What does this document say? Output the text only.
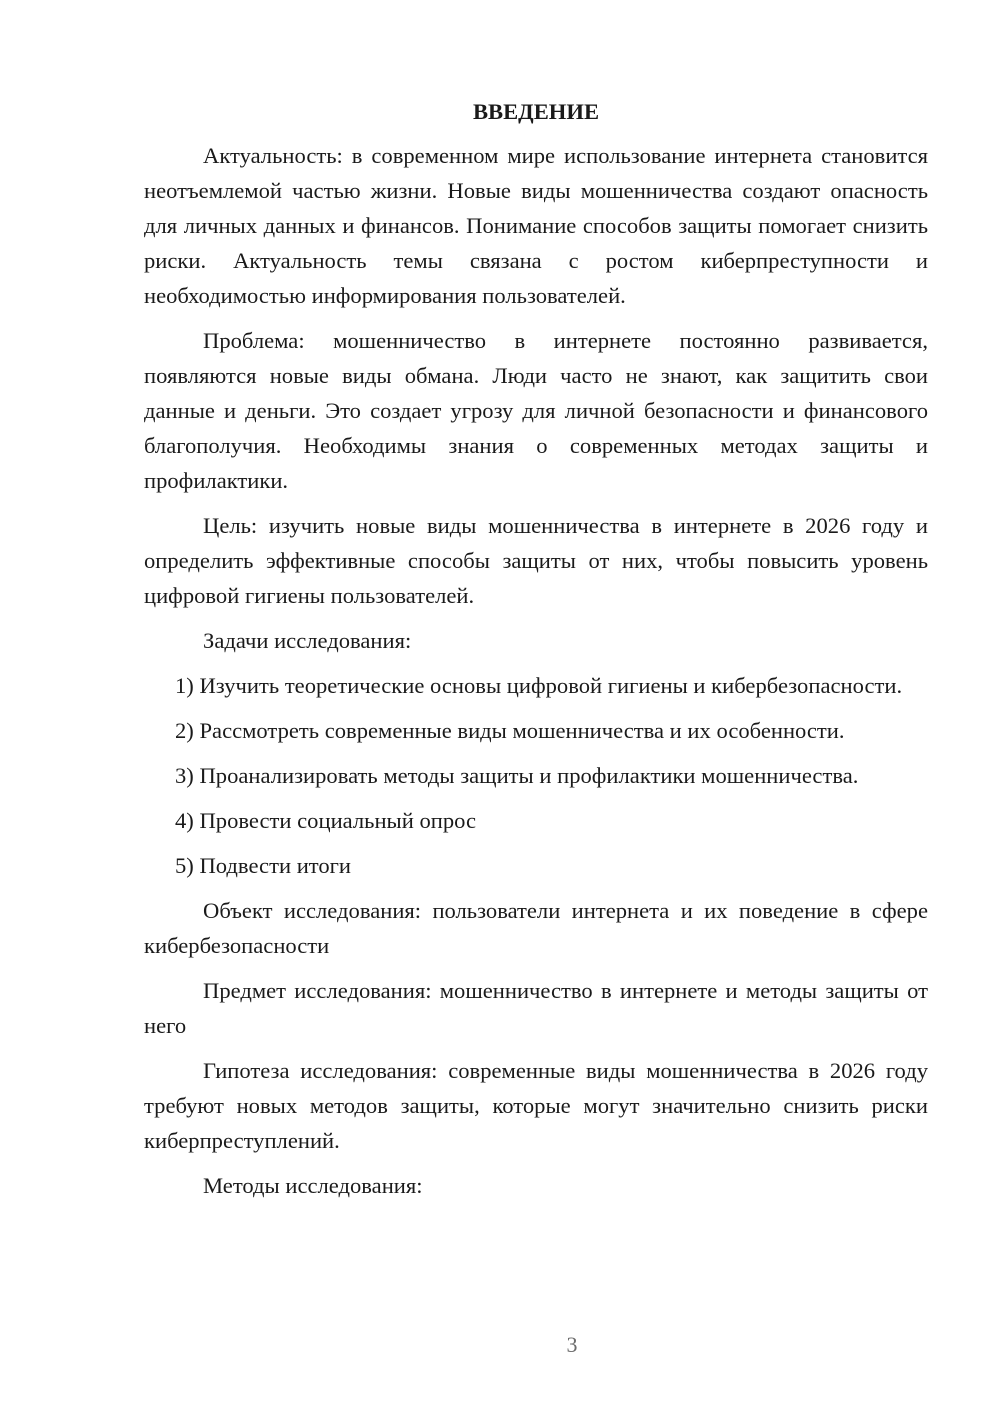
ВВЕДЕНИЕ

Актуальность: в современном мире использование интернета становится неотъемлемой частью жизни. Новые виды мошенничества создают опасность для личных данных и финансов. Понимание способов защиты помогает снизить риски. Актуальность темы связана с ростом киберпреступности и необходимостью информирования пользователей.

Проблема: мошенничество в интернете постоянно развивается, появляются новые виды обмана. Люди часто не знают, как защитить свои данные и деньги. Это создает угрозу для личной безопасности и финансового благополучия. Необходимы знания о современных методах защиты и профилактики.

Цель: изучить новые виды мошенничества в интернете в 2026 году и определить эффективные способы защиты от них, чтобы повысить уровень цифровой гигиены пользователей.

Задачи исследования:

1) Изучить теоретические основы цифровой гигиены и кибербезопасности.

2) Рассмотреть современные виды мошенничества и их особенности.

3) Проанализировать методы защиты и профилактики мошенничества.

4) Провести социальный опрос

5) Подвести итоги

Объект исследования: пользователи интернета и их поведение в сфере кибербезопасности

Предмет исследования: мошенничество в интернете и методы защиты от него

Гипотеза исследования: современные виды мошенничества в 2026 году требуют новых методов защиты, которые могут значительно снизить риски киберпреступлений.

Методы исследования:

3
